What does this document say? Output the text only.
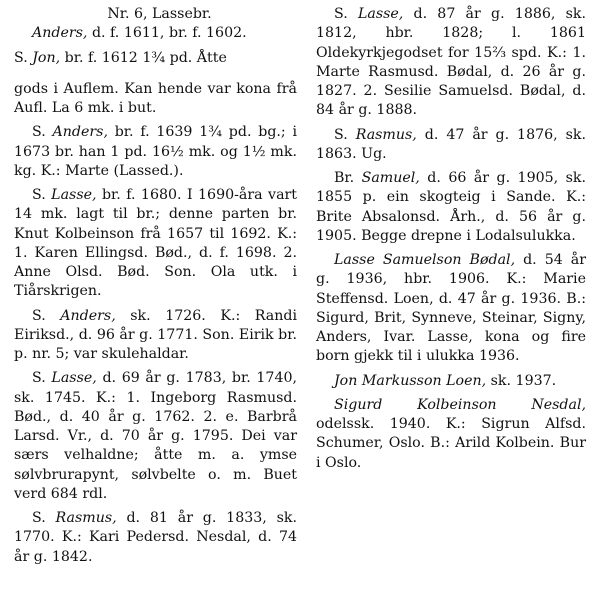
Nr. 6, Lassebr.
Anders, d. f. 1611, br. f. 1602.
S. Jon, br. f. 1612 1¾ pd. Åtte
gods i Auflem. Kan hende var kona frå Aufl. La 6 mk. i but.
S. Anders, br. f. 1639 1¾ pd. bg.; i 1673 br. han 1 pd. 16½ mk. og 1½ mk. kg. K.: Marte (Lassed.).
S. Lasse, br. f. 1680. I 1690-åra vart 14 mk. lagt til br.; denne parten br. Knut Kolbeinson frå 1657 til 1692. K.: 1. Karen Ellingsd. Bød., d. f. 1698. 2. Anne Olsd. Bød. Son. Ola utk. i Tiårskrigen.
S. Anders, sk. 1726. K.: Randi Eiriksd., d. 96 år g. 1771. Son. Eirik br. p. nr. 5; var skulehaldar.
S. Lasse, d. 69 år g. 1783, br. 1740, sk. 1745. K.: 1. Ingeborg Rasmusd. Bød., d. 40 år g. 1762. 2. e. Barbrå Larsd. Vr., d. 70 år g. 1795. Dei var særs velhaldne; åtte m. a. ymse sølvbrurapynt, sølvbelte o. m. Buet verd 684 rdl.
S. Rasmus, d. 81 år g. 1833, sk. 1770. K.: Kari Pedersd. Nesdal, d. 74 år g. 1842.
S. Lasse, d. 87 år g. 1886, sk. 1812, hbr. 1828; l. 1861 Oldekyrkjegodset for 15⅔ spd. K.: 1. Marte Rasmusd. Bødal, d. 26 år g. 1827. 2. Sesilie Samuelsd. Bødal, d. 84 år g. 1888.
S. Rasmus, d. 47 år g. 1876, sk. 1863. Ug.
Br. Samuel, d. 66 år g. 1905, sk. 1855 p. ein skogteig i Sande. K.: Brite Absalonsd. Årh., d. 56 år g. 1905. Begge drepne i Lodalsulukka.
Lasse Samuelson Bødal, d. 54 år g. 1936, hbr. 1906. K.: Marie Steffensd. Loen, d. 47 år g. 1936. B.: Sigurd, Brit, Synneve, Steinar, Signy, Anders, Ivar. Lasse, kona og fire born gjekk til i ulukka 1936.
Jon Markusson Loen, sk. 1937.
Sigurd Kolbeinson Nesdal, odelssk. 1940. K.: Sigrun Alfsd. Schumer, Oslo. B.: Arild Kolbein. Bur i Oslo.
